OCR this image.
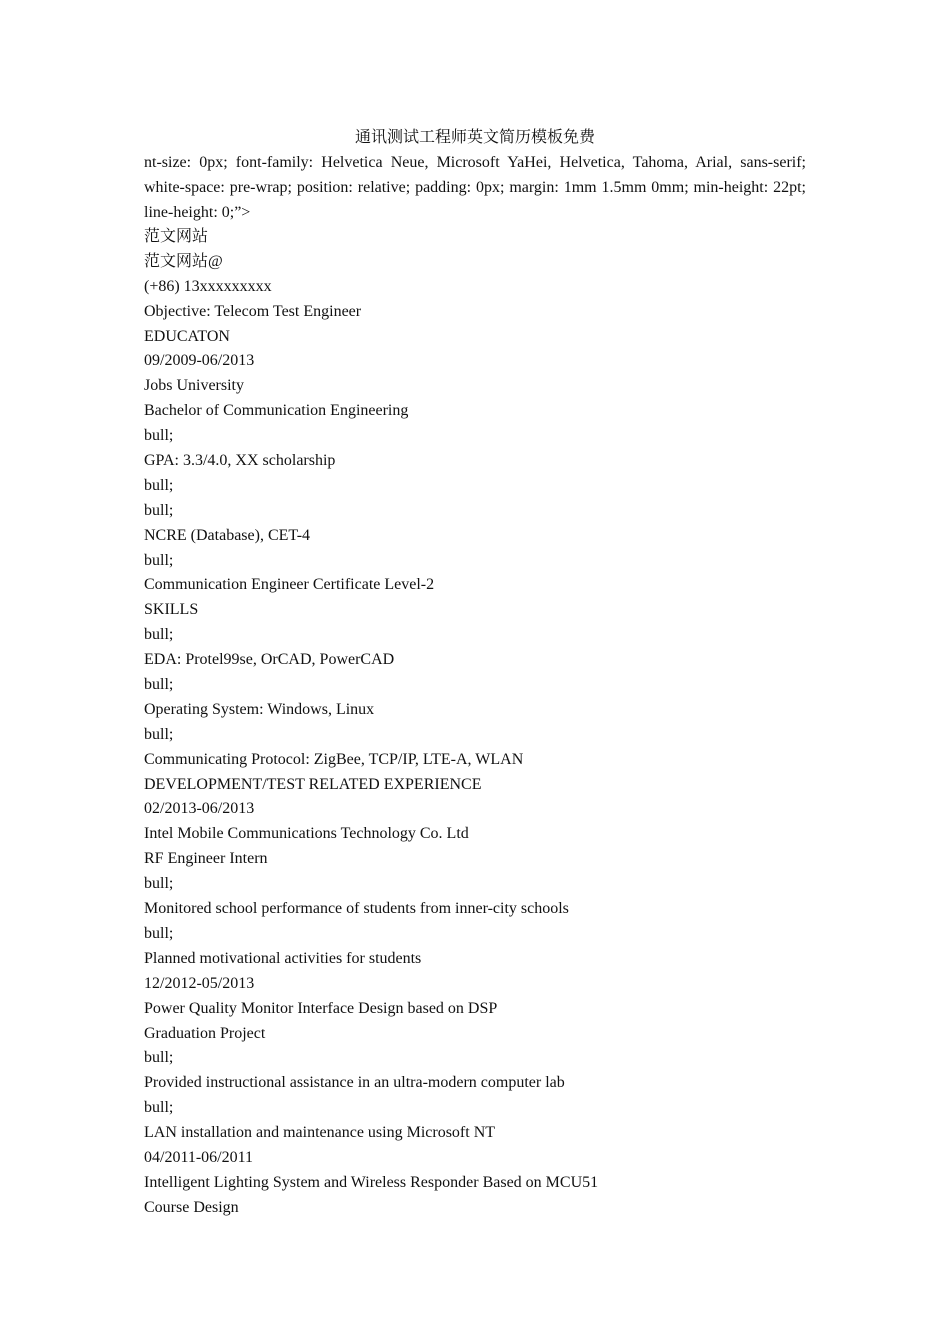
通讯测试工程师英文简历模板免费

nt-size: 0px; font-family: Helvetica Neue, Microsoft YaHei, Helvetica, Tahoma, Arial, sans-serif; white-space: pre-wrap; position: relative; padding: 0px; margin: 1mm 1.5mm 0mm; min-height: 22pt; line-height: 0;”>

范文网站
范文网站@
(+86) 13xxxxxxxxx
Objective: Telecom Test Engineer
EDUCATON
09/2009-06/2013
Jobs University
Bachelor of Communication Engineering
bull;
GPA: 3.3/4.0, XX scholarship
bull;
bull;
NCRE (Database), CET-4
bull;
Communication Engineer Certificate Level-2
SKILLS
bull;
EDA: Protel99se, OrCAD, PowerCAD
bull;
Operating System: Windows, Linux
bull;
Communicating Protocol: ZigBee, TCP/IP, LTE-A, WLAN
DEVELOPMENT/TEST RELATED EXPERIENCE
02/2013-06/2013
Intel Mobile Communications Technology Co. Ltd
RF Engineer Intern
bull;
Monitored school performance of students from inner-city schools
bull;
Planned motivational activities for students
12/2012-05/2013
Power Quality Monitor Interface Design based on DSP
Graduation Project
bull;
Provided instructional assistance in an ultra-modern computer lab
bull;
LAN installation and maintenance using Microsoft NT
04/2011-06/2011
Intelligent Lighting System and Wireless Responder Based on MCU51
Course Design
